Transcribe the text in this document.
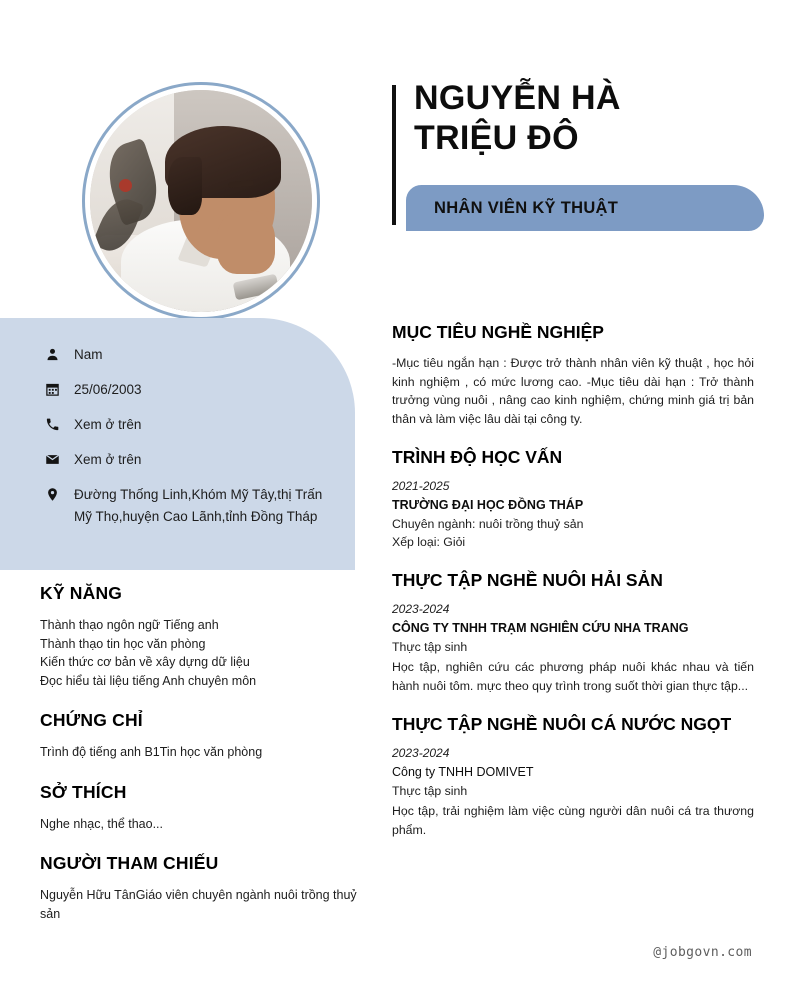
Nam
25/06/2003
Xem ở trên
Xem ở trên
Đường Thống Linh,Khóm Mỹ Tây,thị Trấn Mỹ Thọ,huyện Cao Lãnh,tỉnh Đồng Tháp
KỸ NĂNG
Thành thạo ngôn ngữ Tiếng anh
Thành thạo tin học văn phòng
Kiến thức cơ bản về xây dựng dữ liệu
Đọc hiểu tài liệu tiếng Anh chuyên môn
CHỨNG CHỈ
Trình độ tiếng anh B1Tin học văn phòng
SỞ THÍCH
Nghe nhạc, thể thao...
NGƯỜI THAM CHIẾU
Nguyễn Hữu TânGiáo viên chuyên ngành nuôi trồng thuỷ sản
NGUYỄN HÀ
TRIỆU ĐÔ
NHÂN VIÊN KỸ THUẬT
MỤC TIÊU NGHỀ NGHIỆP

-Mục tiêu ngắn hạn : Được trở thành nhân viên kỹ thuật , học hỏi kinh nghiệm , có mức lương cao. -Mục tiêu dài hạn : Trở thành trưởng vùng nuôi , nâng cao kinh nghiệm, chứng minh giá trị bản thân và làm việc lâu dài tại công ty.

TRÌNH ĐỘ HỌC VẤN

2021-2025

TRƯỜNG ĐẠI HỌC ĐỒNG THÁP

Chuyên ngành: nuôi trồng thuỷ sản

Xếp loại: Giỏi

THỰC TẬP NGHỀ NUÔI HẢI SẢN

2023-2024

CÔNG TY TNHH TRẠM NGHIÊN CỨU NHA TRANG

Thực tập sinh

Học tập, nghiên cứu các phương pháp nuôi khác nhau và tiến hành nuôi tôm. mực theo quy trình trong suốt thời gian thực tập...

THỰC TẬP NGHỀ NUÔI CÁ NƯỚC NGỌT

2023-2024

Công ty TNHH DOMIVET

Thực tập sinh

Học tập, trải nghiệm làm việc cùng người dân nuôi cá tra thương phẩm.

@jobgovn.com
